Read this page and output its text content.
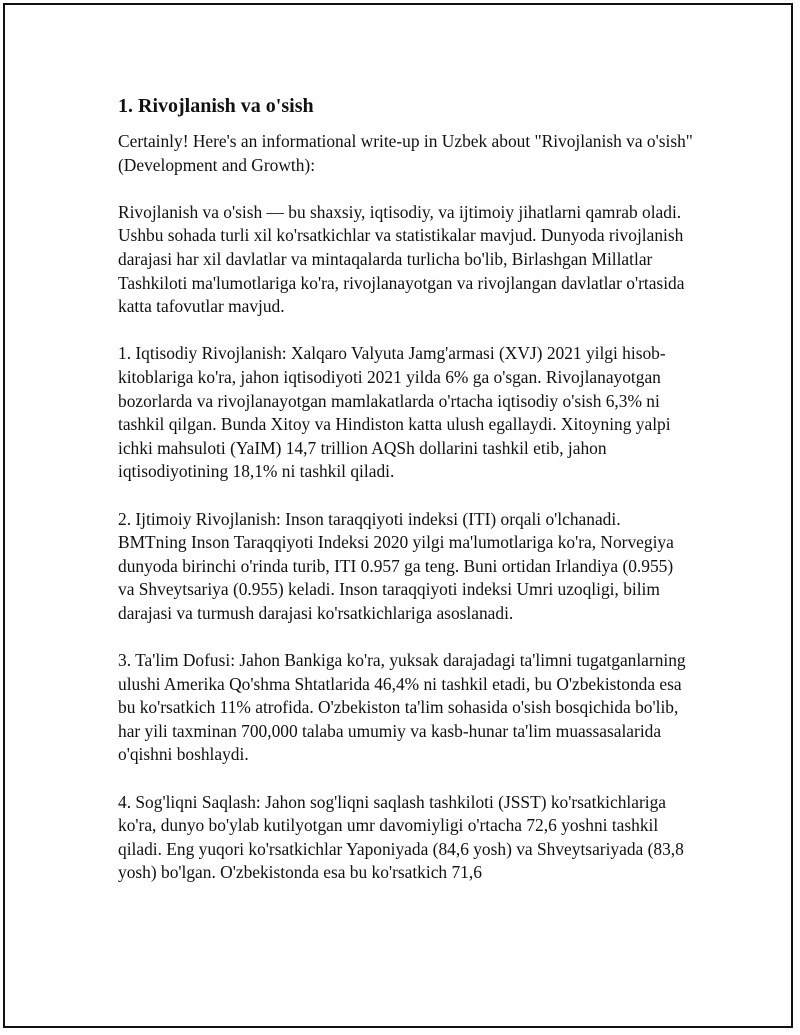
1. Rivojlanish va o'sish

Certainly! Here's an informational write-up in Uzbek about "Rivojlanish va o'sish" (Development and Growth):

Rivojlanish va o'sish — bu shaxsiy, iqtisodiy, va ijtimoiy jihatlarni qamrab oladi. Ushbu sohada turli xil ko'rsatkichlar va statistikalar mavjud. Dunyoda rivojlanish darajasi har xil davlatlar va mintaqalarda turlicha bo'lib, Birlashgan Millatlar Tashkiloti ma'lumotlariga ko'ra, rivojlanayotgan va rivojlangan davlatlar o'rtasida katta tafovutlar mavjud.

1. Iqtisodiy Rivojlanish: Xalqaro Valyuta Jamg'armasi (XVJ) 2021 yilgi hisob-kitoblariga ko'ra, jahon iqtisodiyoti 2021 yilda 6% ga o'sgan. Rivojlanayotgan bozorlarda va rivojlanayotgan mamlakatlarda o'rtacha iqtisodiy o'sish 6,3% ni tashkil qilgan. Bunda Xitoy va Hindiston katta ulush egallaydi. Xitoyning yalpi ichki mahsuloti (YaIM) 14,7 trillion AQSh dollarini tashkil etib, jahon iqtisodiyotining 18,1% ni tashkil qiladi.

2. Ijtimoiy Rivojlanish: Inson taraqqiyoti indeksi (ITI) orqali o'lchanadi. BMTning Inson Taraqqiyoti Indeksi 2020 yilgi ma'lumotlariga ko'ra, Norvegiya dunyoda birinchi o'rinda turib, ITI 0.957 ga teng. Buni ortidan Irlandiya (0.955) va Shveytsariya (0.955) keladi. Inson taraqqiyoti indeksi Umri uzoqligi, bilim darajasi va turmush darajasi ko'rsatkichlariga asoslanadi.

3. Ta'lim Dofusi: Jahon Bankiga ko'ra, yuksak darajadagi ta'limni tugatganlarning ulushi Amerika Qo'shma Shtatlarida 46,4% ni tashkil etadi, bu O'zbekistonda esa bu ko'rsatkich 11% atrofida. O'zbekiston ta'lim sohasida o'sish bosqichida bo'lib, har yili taxminan 700,000 talaba umumiy va kasb-hunar ta'lim muassasalarida o'qishni boshlaydi.

4. Sog'liqni Saqlash: Jahon sog'liqni saqlash tashkiloti (JSST) ko'rsatkichlariga ko'ra, dunyo bo'ylab kutilyotgan umr davomiyligi o'rtacha 72,6 yoshni tashkil qiladi. Eng yuqori ko'rsatkichlar Yaponiyada (84,6 yosh) va Shveytsariyada (83,8 yosh) bo'lgan. O'zbekistonda esa bu ko'rsatkich 71,6
